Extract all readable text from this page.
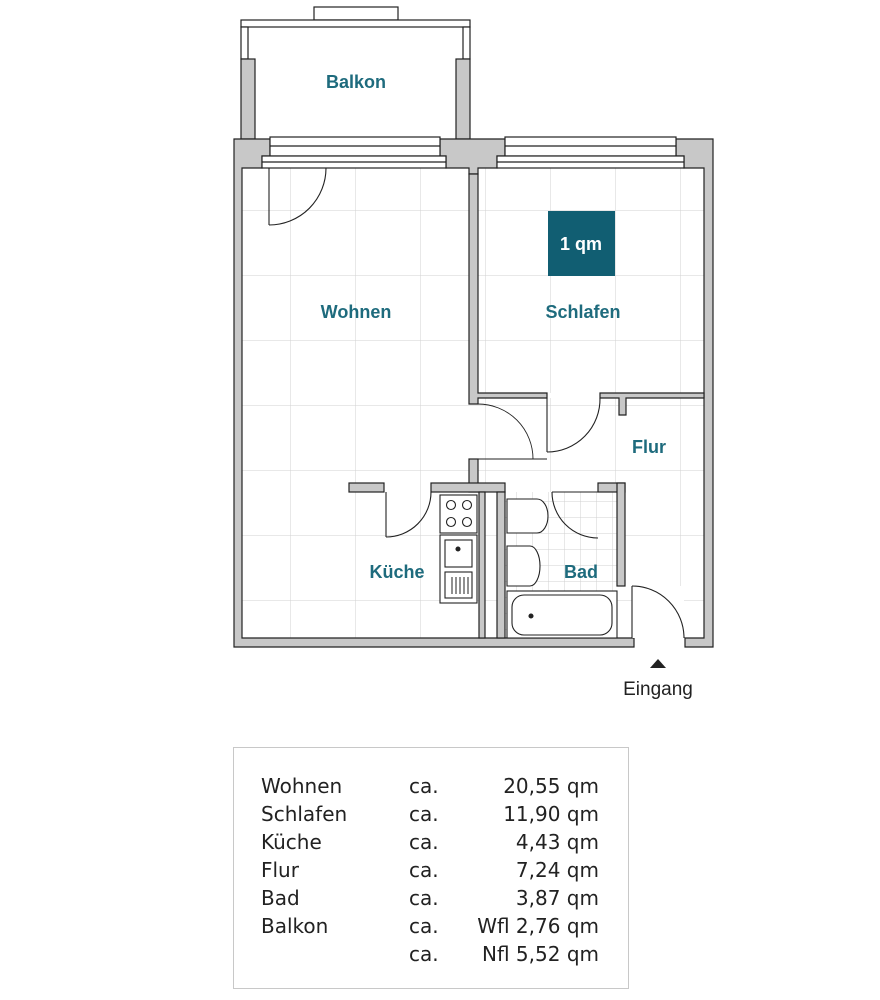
1 qm
Balkon
Wohnen	Schlafen
Flur
Küche	Bad
Eingang
Wohnen	ca.	20,55 qm
Schlafen	ca.	11,90 qm
Küche	ca.	4,43 qm
Flur	ca.	7,24 qm
Bad	ca.	3,87 qm
Balkon	ca.	Wfl 2,76 qm
	ca.	Nfl 5,52 qm
